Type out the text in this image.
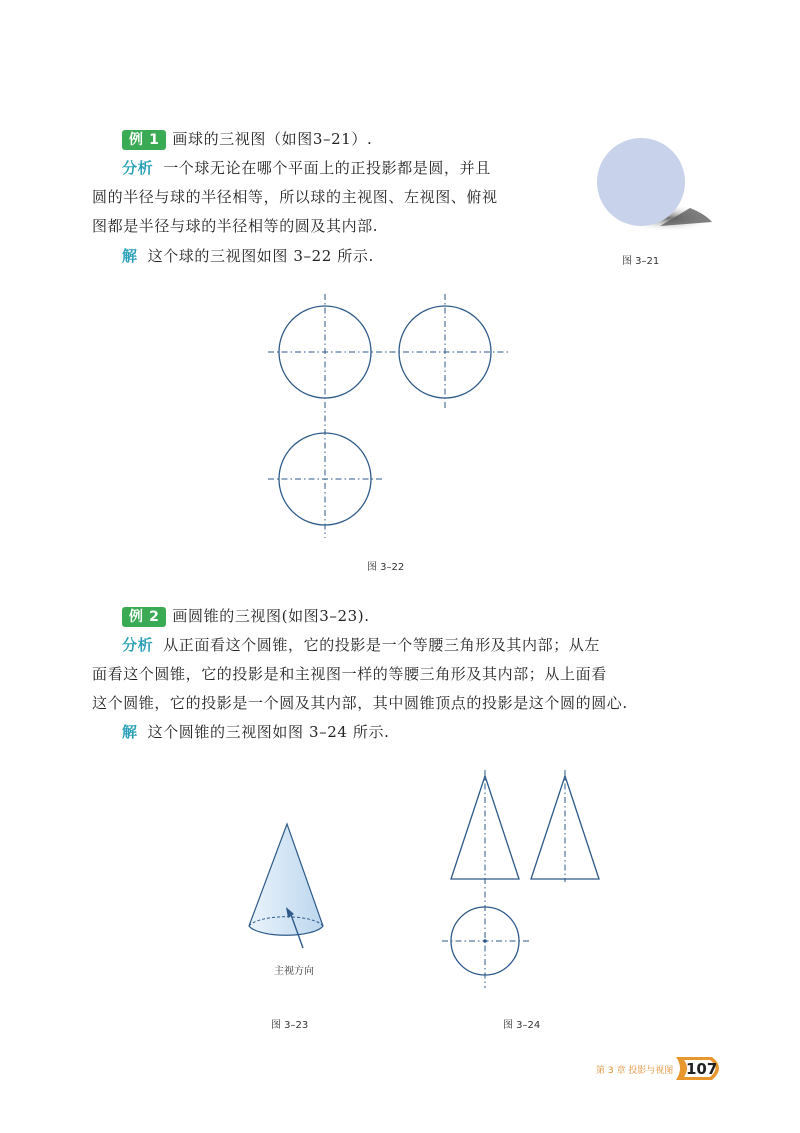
例 1 画球的三视图（如图3–21）.
分析 一个球无论在哪个平面上的正投影都是圆，并且
圆的半径与球的半径相等，所以球的主视图、左视图、俯视
图都是半径与球的半径相等的圆及其内部.
解 这个球的三视图如图 3–22 所示.	图 3–21
图 3–22
例 2 画圆锥的三视图(如图3–23).
分析 从正面看这个圆锥，它的投影是一个等腰三角形及其内部；从左
面看这个圆锥，它的投影是和主视图一样的等腰三角形及其内部；从上面看
这个圆锥，它的投影是一个圆及其内部，其中圆锥顶点的投影是这个圆的圆心.
解 这个圆锥的三视图如图 3–24 所示.
主视方向
图 3–23	图 3–24
第 3 章 投影与视图 107
